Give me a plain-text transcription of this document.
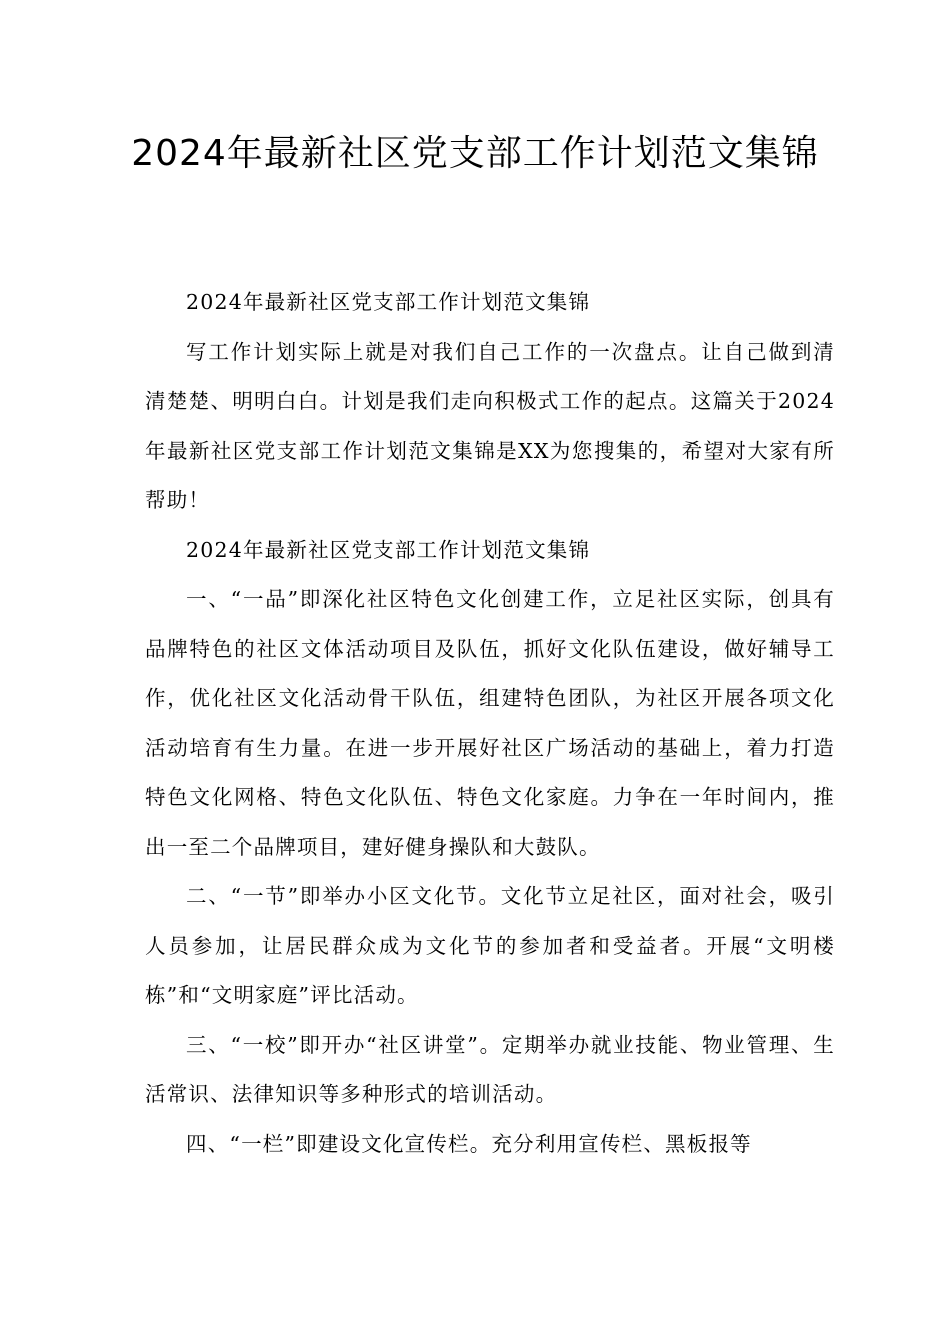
2024年最新社区党支部工作计划范文集锦

2024年最新社区党支部工作计划范文集锦

写工作计划实际上就是对我们自己工作的一次盘点。让自己做到清清楚楚、明明白白。计划是我们走向积极式工作的起点。这篇关于2024年最新社区党支部工作计划范文集锦是XX为您搜集的，希望对大家有所帮助！

2024年最新社区党支部工作计划范文集锦

一、“一品”即深化社区特色文化创建工作，立足社区实际，创具有品牌特色的社区文体活动项目及队伍，抓好文化队伍建设，做好辅导工作，优化社区文化活动骨干队伍，组建特色团队，为社区开展各项文化活动培育有生力量。在进一步开展好社区广场活动的基础上，着力打造特色文化网格、特色文化队伍、特色文化家庭。力争在一年时间内，推出一至二个品牌项目，建好健身操队和大鼓队。

二、“一节”即举办小区文化节。文化节立足社区，面对社会，吸引人员参加，让居民群众成为文化节的参加者和受益者。开展“文明楼栋”和“文明家庭”评比活动。

三、“一校”即开办“社区讲堂”。定期举办就业技能、物业管理、生活常识、法律知识等多种形式的培训活动。

四、“一栏”即建设文化宣传栏。充分利用宣传栏、黑板报等
